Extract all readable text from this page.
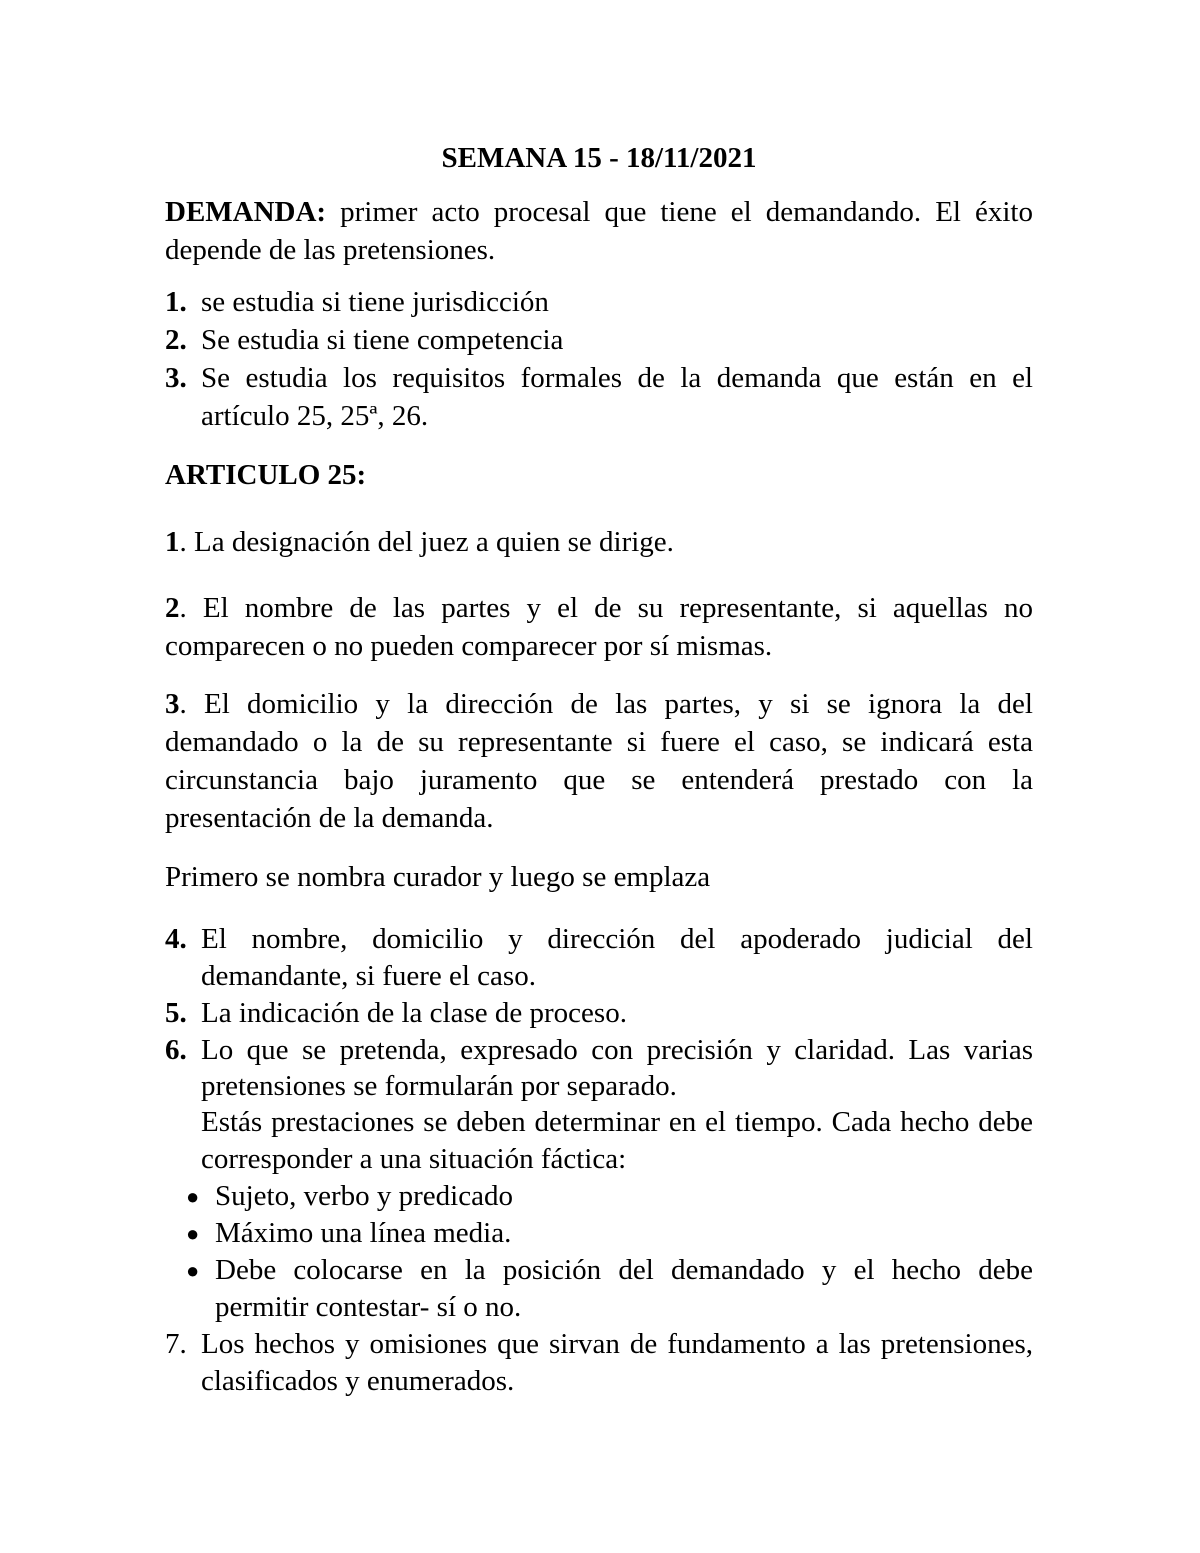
SEMANA 15 - 18/11/2021
DEMANDA: primer acto procesal que tiene el demandando. El éxito depende de las pretensiones.
1. se estudia si tiene jurisdicción
2. Se estudia si tiene competencia
3. Se estudia los requisitos formales de la demanda que están en el artículo 25, 25ª, 26.
ARTICULO 25:
1. La designación del juez a quien se dirige.
2. El nombre de las partes y el de su representante, si aquellas no comparecen o no pueden comparecer por sí mismas.
3. El domicilio y la dirección de las partes, y si se ignora la del demandado o la de su representante si fuere el caso, se indicará esta circunstancia bajo juramento que se entenderá prestado con la presentación de la demanda.
Primero se nombra curador y luego se emplaza
4. El nombre, domicilio y dirección del apoderado judicial del demandante, si fuere el caso.
5. La indicación de la clase de proceso.
6. Lo que se pretenda, expresado con precisión y claridad. Las varias pretensiones se formularán por separado.
Estás prestaciones se deben determinar en el tiempo. Cada hecho debe corresponder a una situación fáctica:
● Sujeto, verbo y predicado
● Máximo una línea media.
● Debe colocarse en la posición del demandado y el hecho debe permitir contestar- sí o no.
7. Los hechos y omisiones que sirvan de fundamento a las pretensiones, clasificados y enumerados.
